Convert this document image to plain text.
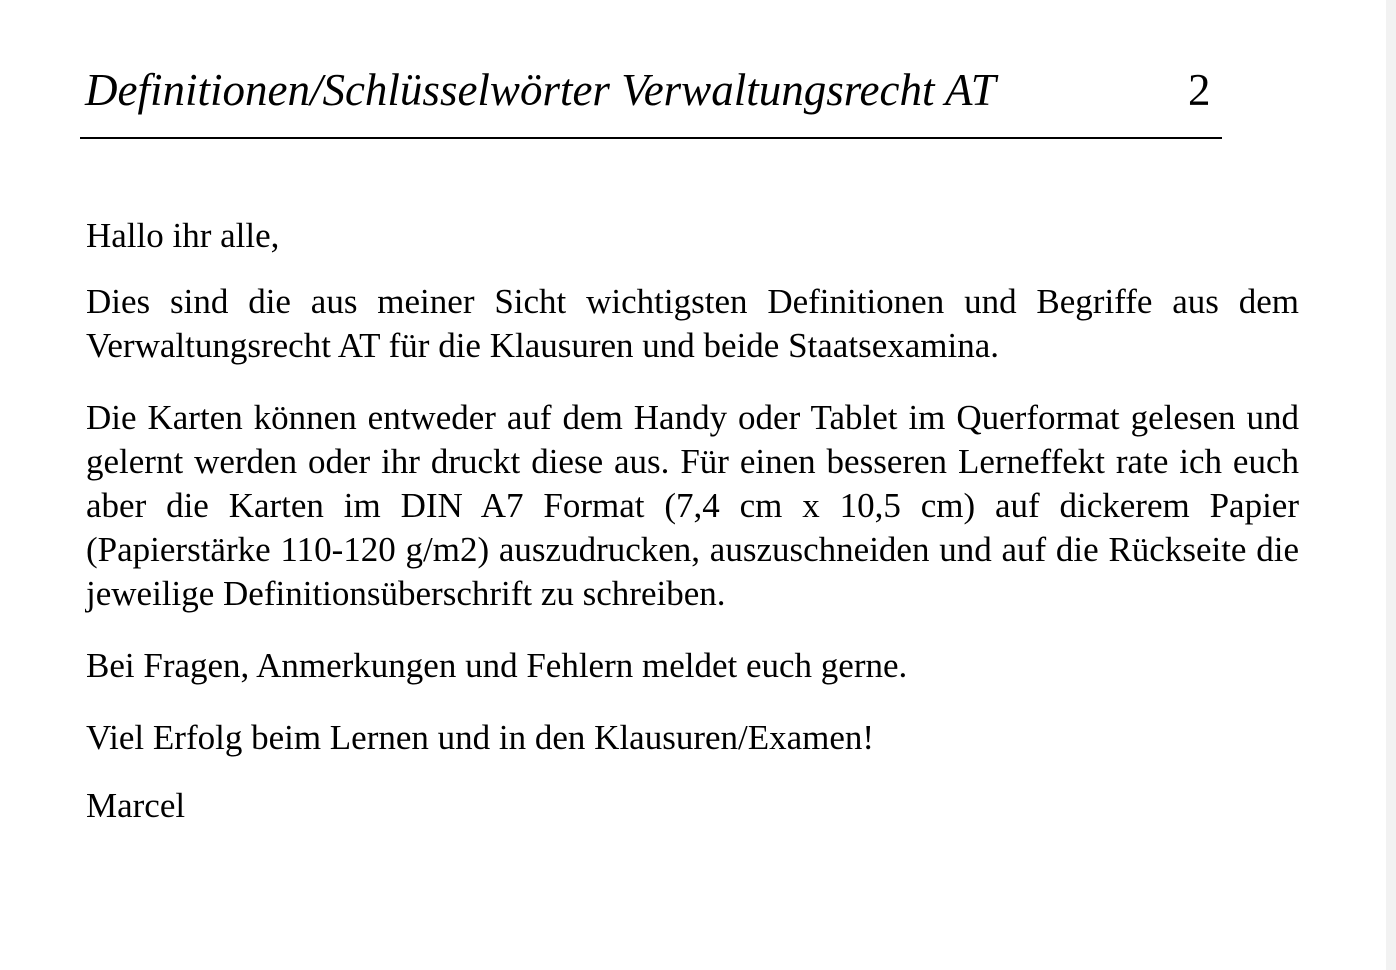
Definitionen/Schlüsselwörter Verwaltungsrecht AT	2

Hallo ihr alle,

Dies sind die aus meiner Sicht wichtigsten Definitionen und Begriffe aus dem Verwaltungsrecht AT für die Klausuren und beide Staatsexamina.

Die Karten können entweder auf dem Handy oder Tablet im Querformat gelesen und gelernt werden oder ihr druckt diese aus. Für einen besseren Lerneffekt rate ich euch aber die Karten im DIN A7 Format (7,4 cm x 10,5 cm) auf dickerem Papier (Papierstärke 110-120 g/m2) auszudrucken, auszuschneiden und auf die Rückseite die jeweilige Definitionsüberschrift zu schreiben.

Bei Fragen, Anmerkungen und Fehlern meldet euch gerne.

Viel Erfolg beim Lernen und in den Klausuren/Examen!

Marcel
